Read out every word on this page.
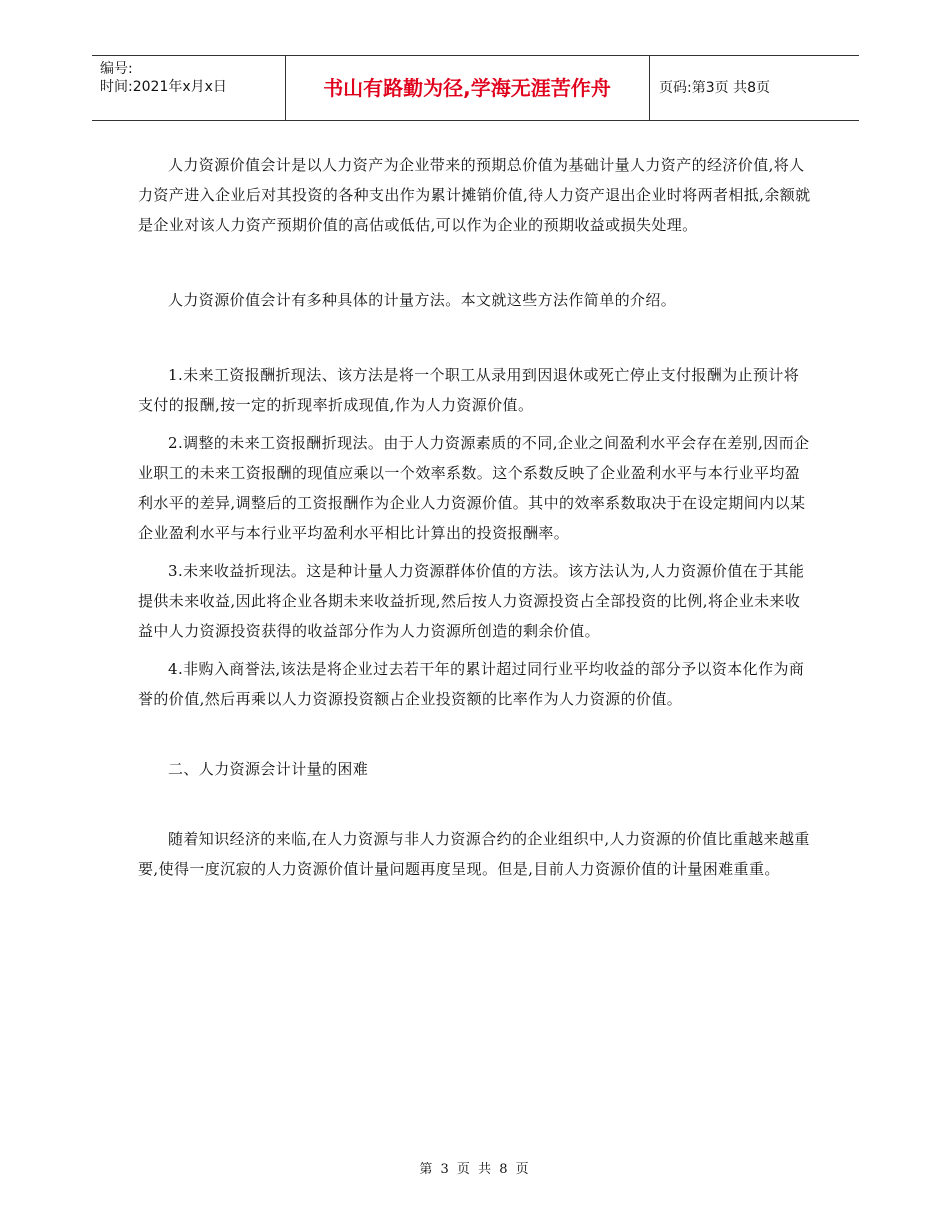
编号:
时间:2021年x月x日	书山有路勤为径,学海无涯苦作舟	页码:第3页 共8页

人力资源价值会计是以人力资产为企业带来的预期总价值为基础计量人力资产的经济价值,将人力资产进入企业后对其投资的各种支出作为累计摊销价值,待人力资产退出企业时将两者相抵,余额就是企业对该人力资产预期价值的高估或低估,可以作为企业的预期收益或损失处理。

人力资源价值会计有多种具体的计量方法。本文就这些方法作简单的介绍。

1.未来工资报酬折现法、该方法是将一个职工从录用到因退休或死亡停止支付报酬为止预计将支付的报酬,按一定的折现率折成现值,作为人力资源价值。

2.调整的未来工资报酬折现法。由于人力资源素质的不同,企业之间盈利水平会存在差别,因而企业职工的未来工资报酬的现值应乘以一个效率系数。这个系数反映了企业盈利水平与本行业平均盈利水平的差异,调整后的工资报酬作为企业人力资源价值。其中的效率系数取决于在设定期间内以某企业盈利水平与本行业平均盈利水平相比计算出的投资报酬率。

3.未来收益折现法。这是种计量人力资源群体价值的方法。该方法认为,人力资源价值在于其能提供未来收益,因此将企业各期未来收益折现,然后按人力资源投资占全部投资的比例,将企业未来收益中人力资源投资获得的收益部分作为人力资源所创造的剩余价值。

4.非购入商誉法,该法是将企业过去若干年的累计超过同行业平均收益的部分予以资本化作为商誉的价值,然后再乘以人力资源投资额占企业投资额的比率作为人力资源的价值。

二、人力资源会计计量的困难

随着知识经济的来临,在人力资源与非人力资源合约的企业组织中,人力资源的价值比重越来越重要,使得一度沉寂的人力资源价值计量问题再度呈现。但是,目前人力资源价值的计量困难重重。

第 3 页 共 8 页
